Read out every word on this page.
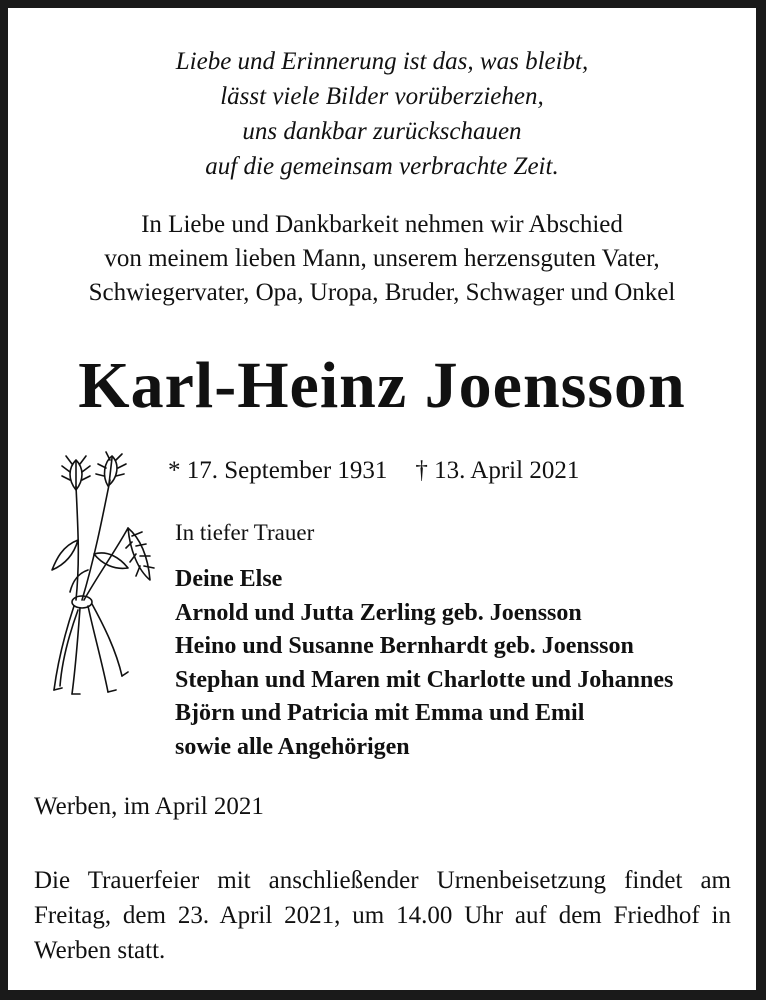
Liebe und Erinnerung ist das, was bleibt,
lässt viele Bilder vorüberziehen,
uns dankbar zurückschauen
auf die gemeinsam verbrachte Zeit.
In Liebe und Dankbarkeit nehmen wir Abschied
von meinem lieben Mann, unserem herzensguten Vater,
Schwiegervater, Opa, Uropa, Bruder, Schwager und Onkel
Karl-Heinz Joensson
* 17. September 1931 † 13. April 2021
In tiefer Trauer
Deine Else
Arnold und Jutta Zerling geb. Joensson
Heino und Susanne Bernhardt geb. Joensson
Stephan und Maren mit Charlotte und Johannes
Björn und Patricia mit Emma und Emil
sowie alle Angehörigen
Werben, im April 2021
Die Trauerfeier mit anschließender Urnenbeisetzung findet am Freitag, dem 23. April 2021, um 14.00 Uhr auf dem Friedhof in Werben statt.
